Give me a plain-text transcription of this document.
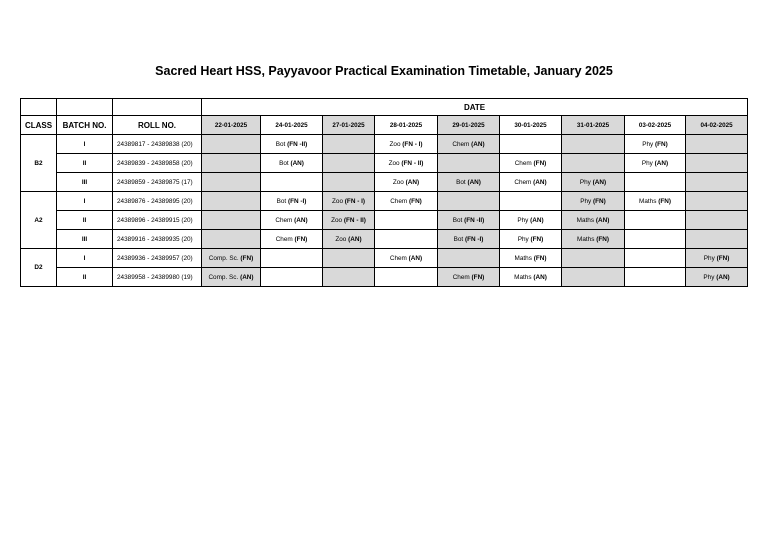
Sacred Heart HSS, Payyavoor Practical Examination Timetable, January 2025
			DATE								
CLASS	BATCH NO.	ROLL NO.	22-01-2025	24-01-2025	27-01-2025	28-01-2025	29-01-2025	30-01-2025	31-01-2025	03-02-2025	04-02-2025
B2	I	24389817 - 24389838 (20)		Bot (FN -II)		Zoo (FN - I)	Chem (AN)			Phy (FN)	
	II	24389839 - 24389858 (20)		Bot (AN)		Zoo (FN - II)		Chem (FN)		Phy (AN)	
	III	24389859 - 24389875 (17)				Zoo (AN)	Bot (AN)	Chem (AN)	Phy (AN)		
A2	I	24389876 - 24389895 (20)		Bot (FN -I)	Zoo (FN - I)	Chem (FN)			Phy (FN)	Maths (FN)	
	II	24389896 - 24389915 (20)		Chem (AN)	Zoo (FN - II)		Bot (FN -II)	Phy (AN)	Maths (AN)		
	III	24389916 - 24389935 (20)		Chem (FN)	Zoo (AN)		Bot (FN -I)	Phy (FN)	Maths (FN)		
D2	I	24389936 - 24389957 (20)	Comp. Sc. (FN)			Chem (AN)		Maths (FN)			Phy (FN)
	II	24389958 - 24389980 (19)	Comp. Sc. (AN)				Chem (FN)	Maths (AN)			Phy (AN)
